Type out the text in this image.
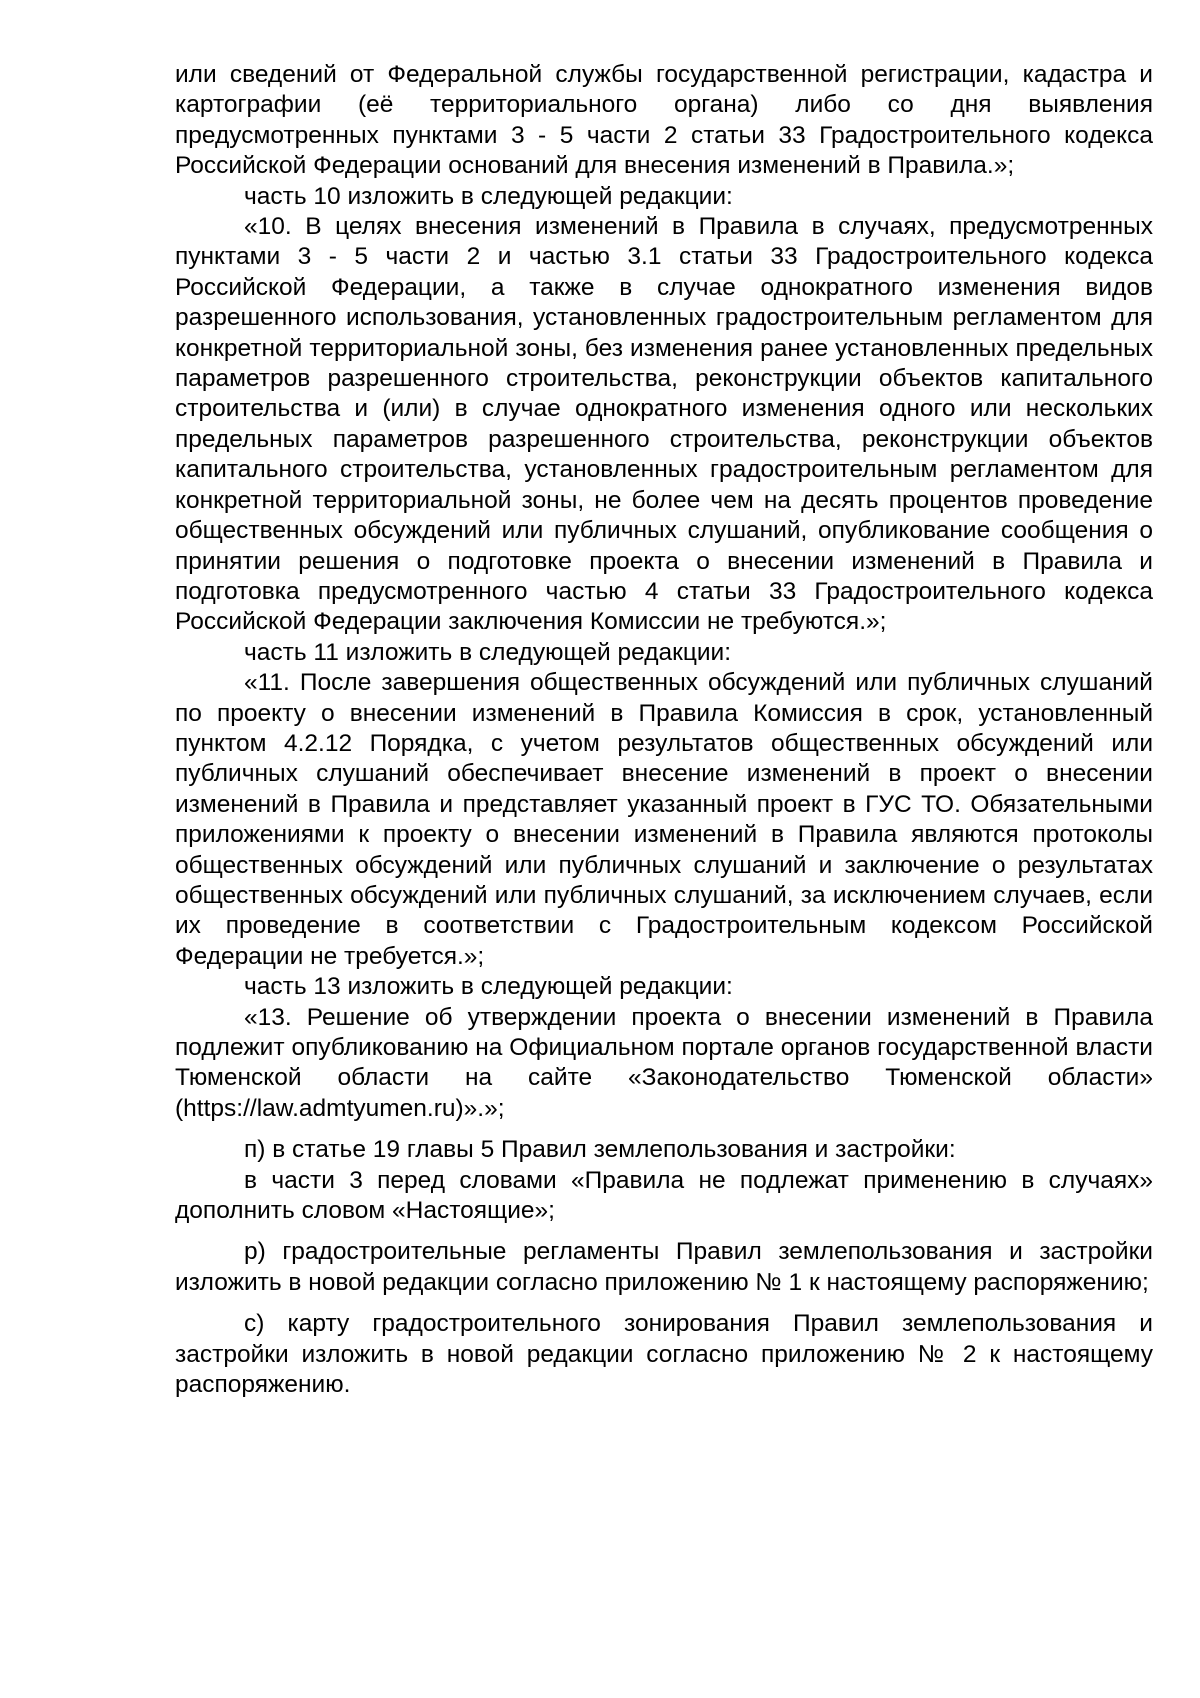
или сведений от Федеральной службы государственной регистрации, кадастра и картографии (её территориального органа) либо со дня выявления предусмотренных пунктами 3 - 5 части 2 статьи 33 Градостроительного кодекса Российской Федерации оснований для внесения изменений в Правила.»;

часть 10 изложить в следующей редакции:

«10. В целях внесения изменений в Правила в случаях, предусмотренных пунктами 3 - 5 части 2 и частью 3.1 статьи 33 Градостроительного кодекса Российской Федерации, а также в случае однократного изменения видов разрешенного использования, установленных градостроительным регламентом для конкретной территориальной зоны, без изменения ранее установленных предельных параметров разрешенного строительства, реконструкции объектов капитального строительства и (или) в случае однократного изменения одного или нескольких предельных параметров разрешенного строительства, реконструкции объектов капитального строительства, установленных градостроительным регламентом для конкретной территориальной зоны, не более чем на десять процентов проведение общественных обсуждений или публичных слушаний, опубликование сообщения о принятии решения о подготовке проекта о внесении изменений в Правила и подготовка предусмотренного частью 4 статьи 33 Градостроительного кодекса Российской Федерации заключения Комиссии не требуются.»;

часть 11 изложить в следующей редакции:

«11. После завершения общественных обсуждений или публичных слушаний по проекту о внесении изменений в Правила Комиссия в срок, установленный пунктом 4.2.12 Порядка, с учетом результатов общественных обсуждений или публичных слушаний обеспечивает внесение изменений в проект о внесении изменений в Правила и представляет указанный проект в ГУС ТО. Обязательными приложениями к проекту о внесении изменений в Правила являются протоколы общественных обсуждений или публичных слушаний и заключение о результатах общественных обсуждений или публичных слушаний, за исключением случаев, если их проведение в соответствии с Градостроительным кодексом Российской Федерации не требуется.»;

часть 13 изложить в следующей редакции:

«13. Решение об утверждении проекта о внесении изменений в Правила подлежит опубликованию на Официальном портале органов государственной власти Тюменской области на сайте «Законодательство Тюменской области» (https://law.admtyumen.ru)».»;

п) в статье 19 главы 5 Правил землепользования и застройки:

в части 3 перед словами «Правила не подлежат применению в случаях» дополнить словом «Настоящие»;

р) градостроительные регламенты Правил землепользования и застройки изложить в новой редакции согласно приложению № 1 к настоящему распоряжению;

с) карту градостроительного зонирования Правил землепользования и застройки изложить в новой редакции согласно приложению № 2 к настоящему распоряжению.
